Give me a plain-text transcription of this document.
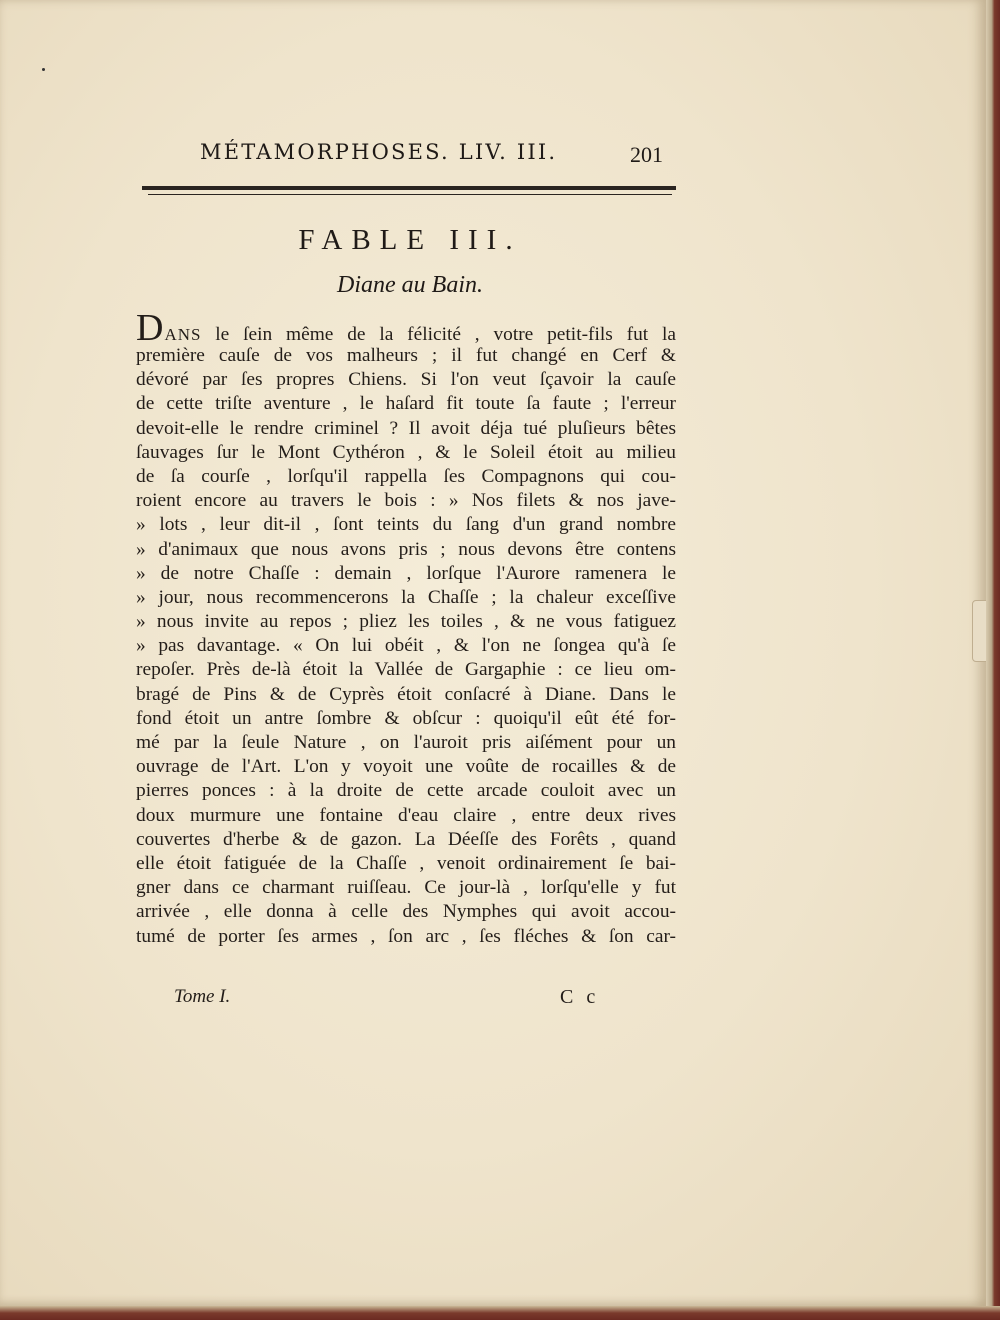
MÉTAMORPHOSES. LIV. III.	201
FABLE III.
Diane au Bain.
DANS le ſein même de la félicité , votre petit-fils fut la
première cauſe de vos malheurs ; il fut changé en Cerf &
dévoré par ſes propres Chiens. Si l'on veut ſçavoir la cauſe
de cette triſte aventure , le haſard fit toute ſa faute ; l'erreur
devoit-elle le rendre criminel ? Il avoit déja tué pluſieurs bêtes
ſauvages ſur le Mont Cythéron , & le Soleil étoit au milieu
de ſa courſe , lorſqu'il rappella ſes Compagnons qui cou-
roient encore au travers le bois : » Nos filets & nos jave-
» lots , leur dit-il , ſont teints du ſang d'un grand nombre
» d'animaux que nous avons pris ; nous devons être contens
» de notre Chaſſe : demain , lorſque l'Aurore ramenera le
» jour, nous recommencerons la Chaſſe ; la chaleur exceſſive
» nous invite au repos ; pliez les toiles , & ne vous fatiguez
» pas davantage. « On lui obéit , & l'on ne ſongea qu'à ſe
repoſer. Près de-là étoit la Vallée de Gargaphie : ce lieu om-
bragé de Pins & de Cyprès étoit conſacré à Diane. Dans le
fond étoit un antre ſombre & obſcur : quoiqu'il eût été for-
mé par la ſeule Nature , on l'auroit pris aiſément pour un
ouvrage de l'Art. L'on y voyoit une voûte de rocailles & de
pierres ponces : à la droite de cette arcade couloit avec un
doux murmure une fontaine d'eau claire , entre deux rives
couvertes d'herbe & de gazon. La Déeſſe des Forêts , quand
elle étoit fatiguée de la Chaſſe , venoit ordinairement ſe bai-
gner dans ce charmant ruiſſeau. Ce jour-là , lorſqu'elle y fut
arrivée , elle donna à celle des Nymphes qui avoit accou-
tumé de porter ſes armes , ſon arc , ſes fléches & ſon car-
Tome I.	C c
